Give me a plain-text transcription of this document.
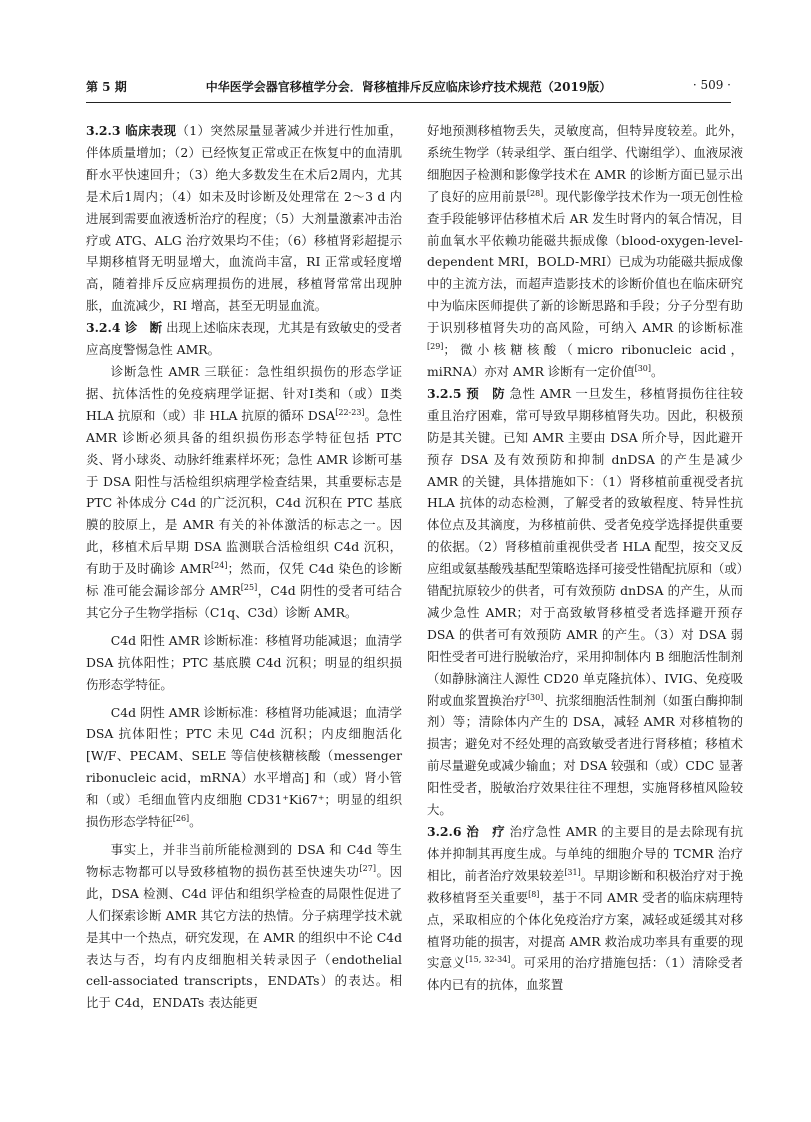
第 5 期	中华医学会器官移植学分会．肾移植排斥反应临床诊疗技术规范（2019版）	· 509 ·

3.2.3 临床表现（1）突然尿量显著减少并进行性加重，伴体质量增加；（2）已经恢复正常或正在恢复中的血清肌酐水平快速回升；（3）绝大多数发生在术后2周内，尤其是术后1周内；（4）如未及时诊断及处理常在 2～3 d 内进展到需要血液透析治疗的程度；（5）大剂量激素冲击治疗或 ATG、ALG 治疗效果均不佳；（6）移植肾彩超提示早期移植肾无明显增大，血流尚丰富，RI 正常或轻度增高，随着排斥反应病理损伤的进展，移植肾常常出现肿胀，血流减少，RI 增高，甚至无明显血流。

3.2.4 诊　断 出现上述临床表现，尤其是有致敏史的受者应高度警惕急性 AMR。

诊断急性 AMR 三联征：急性组织损伤的形态学证据、抗体活性的免疫病理学证据、针对Ⅰ类和（或）Ⅱ类 HLA 抗原和（或）非 HLA 抗原的循环 DSA[22-23]。急性 AMR 诊断必须具备的组织损伤形态学特征包括 PTC 炎、肾小球炎、动脉纤维素样坏死；急性 AMR 诊断可基于 DSA 阳性与活检组织病理学检查结果，其重要标志是 PTC 补体成分 C4d 的广泛沉积，C4d 沉积在 PTC 基底膜的胶原上，是 AMR 有关的补体激活的标志之一。因此，移植术后早期 DSA 监测联合活检组织 C4d 沉积，有助于及时确诊 AMR[24]；然而，仅凭 C4d 染色的诊断标 准可能会漏诊部分 AMR[25]，C4d 阴性的受者可结合其它分子生物学指标（C1q、C3d）诊断 AMR。

C4d 阳性 AMR 诊断标准：移植肾功能减退；血清学 DSA 抗体阳性；PTC 基底膜 C4d 沉积；明显的组织损伤形态学特征。

C4d 阴性 AMR 诊断标准：移植肾功能减退；血清学 DSA 抗体阳性；PTC 未见 C4d 沉积；内皮细胞活化[W/F、PECAM、SELE 等信使核糖核酸（messenger ribonucleic acid，mRNA）水平增高] 和（或）肾小管和（或）毛细血管内皮细胞 CD31⁺Ki67⁺；明显的组织损伤形态学特征[26]。

事实上，并非当前所能检测到的 DSA 和 C4d 等生物标志物都可以导致移植物的损伤甚至快速失功[27]。因此，DSA 检测、C4d 评估和组织学检查的局限性促进了人们探索诊断 AMR 其它方法的热情。分子病理学技术就是其中一个热点，研究发现，在 AMR 的组织中不论 C4d 表达与否，均有内皮细胞相关转录因子（endothelial cell-associated transcripts，ENDATs）的表达。相比于 C4d，ENDATs 表达能更

好地预测移植物丢失，灵敏度高，但特异度较差。此外，系统生物学（转录组学、蛋白组学、代谢组学）、血液尿液细胞因子检测和影像学技术在 AMR 的诊断方面已显示出了良好的应用前景[28]。现代影像学技术作为一项无创性检查手段能够评估移植术后 AR 发生时肾内的氧合情况，目前血氧水平依赖功能磁共振成像（blood-oxygen-level-dependent MRI，BOLD-MRI）已成为功能磁共振成像中的主流方法，而超声造影技术的诊断价值也在临床研究中为临床医师提供了新的诊断思路和手段；分子分型有助于识别移植肾失功的高风险，可纳入 AMR 的诊断标准[29]；微小核糖核酸（micro ribonucleic acid，miRNA）亦对 AMR 诊断有一定价值[30]。

3.2.5 预　防 急性 AMR 一旦发生，移植肾损伤往往较重且治疗困难，常可导致早期移植肾失功。因此，积极预防是其关键。已知 AMR 主要由 DSA 所介导，因此避开预存 DSA 及有效预防和抑制 dnDSA 的产生是减少 AMR 的关键，具体措施如下：（1）肾移植前重视受者抗 HLA 抗体的动态检测，了解受者的致敏程度、特异性抗体位点及其滴度，为移植前供、受者免疫学选择提供重要的依据。（2）肾移植前重视供受者 HLA 配型，按交叉反应组或氨基酸残基配型策略选择可接受性错配抗原和（或）错配抗原较少的供者，可有效预防 dnDSA 的产生，从而减少急性 AMR；对于高致敏肾移植受者选择避开预存 DSA 的供者可有效预防 AMR 的产生。（3）对 DSA 弱阳性受者可进行脱敏治疗，采用抑制体内 B 细胞活性制剂（如静脉滴注人源性 CD20 单克隆抗体）、IVIG、免疫吸附或血浆置换治疗[30]、抗浆细胞活性制剂（如蛋白酶抑制剂）等；清除体内产生的 DSA，减轻 AMR 对移植物的损害；避免对不经处理的高致敏受者进行肾移植；移植术前尽量避免或减少输血；对 DSA 较强和（或）CDC 显著阳性受者，脱敏治疗效果往往不理想，实施肾移植风险较大。

3.2.6 治　疗 治疗急性 AMR 的主要目的是去除现有抗体并抑制其再度生成。与单纯的细胞介导的 TCMR 治疗相比，前者治疗效果较差[31]。早期诊断和积极治疗对于挽救移植肾至关重要[8]，基于不同 AMR 受者的临床病理特点，采取相应的个体化免疫治疗方案，减轻或延缓其对移植肾功能的损害，对提高 AMR 救治成功率具有重要的现实意义[15, 32-34]。可采用的治疗措施包括：（1）清除受者体内已有的抗体，血浆置
